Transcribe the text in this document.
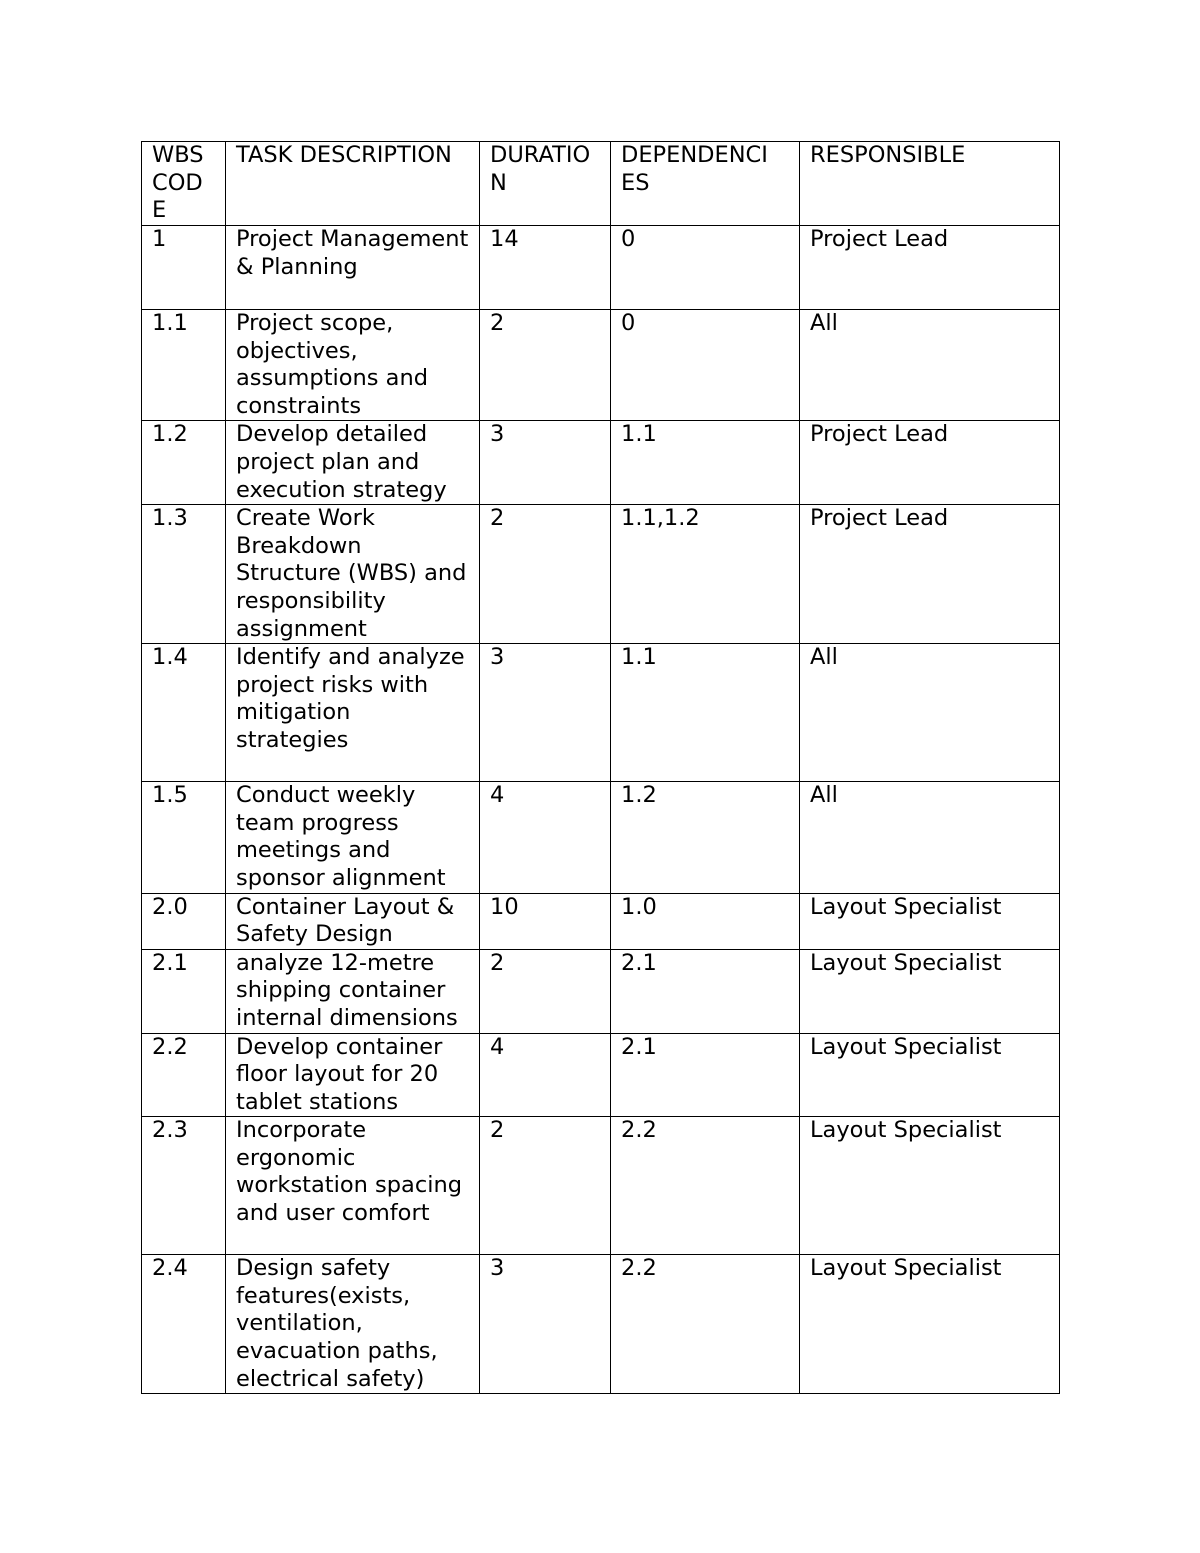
WBS COD E	TASK DESCRIPTION	DURATIO N	DEPENDENCI ES	RESPONSIBLE
1	Project Management & Planning	14	0	Project Lead
1.1	Project scope, objectives, assumptions and constraints	2	0	All
1.2	Develop detailed project plan and execution strategy	3	1.1	Project Lead
1.3	Create Work Breakdown Structure (WBS) and responsibility assignment	2	1.1,1.2	Project Lead
1.4	Identify and analyze project risks with mitigation strategies	3	1.1	All
1.5	Conduct weekly team progress meetings and sponsor alignment	4	1.2	All
2.0	Container Layout & Safety Design	10	1.0	Layout Specialist
2.1	analyze 12-metre shipping container internal dimensions	2	2.1	Layout Specialist
2.2	Develop container floor layout for 20 tablet stations	4	2.1	Layout Specialist
2.3	Incorporate ergonomic workstation spacing and user comfort	2	2.2	Layout Specialist
2.4	Design safety features(exists, ventilation, evacuation paths, electrical safety)	3	2.2	Layout Specialist
